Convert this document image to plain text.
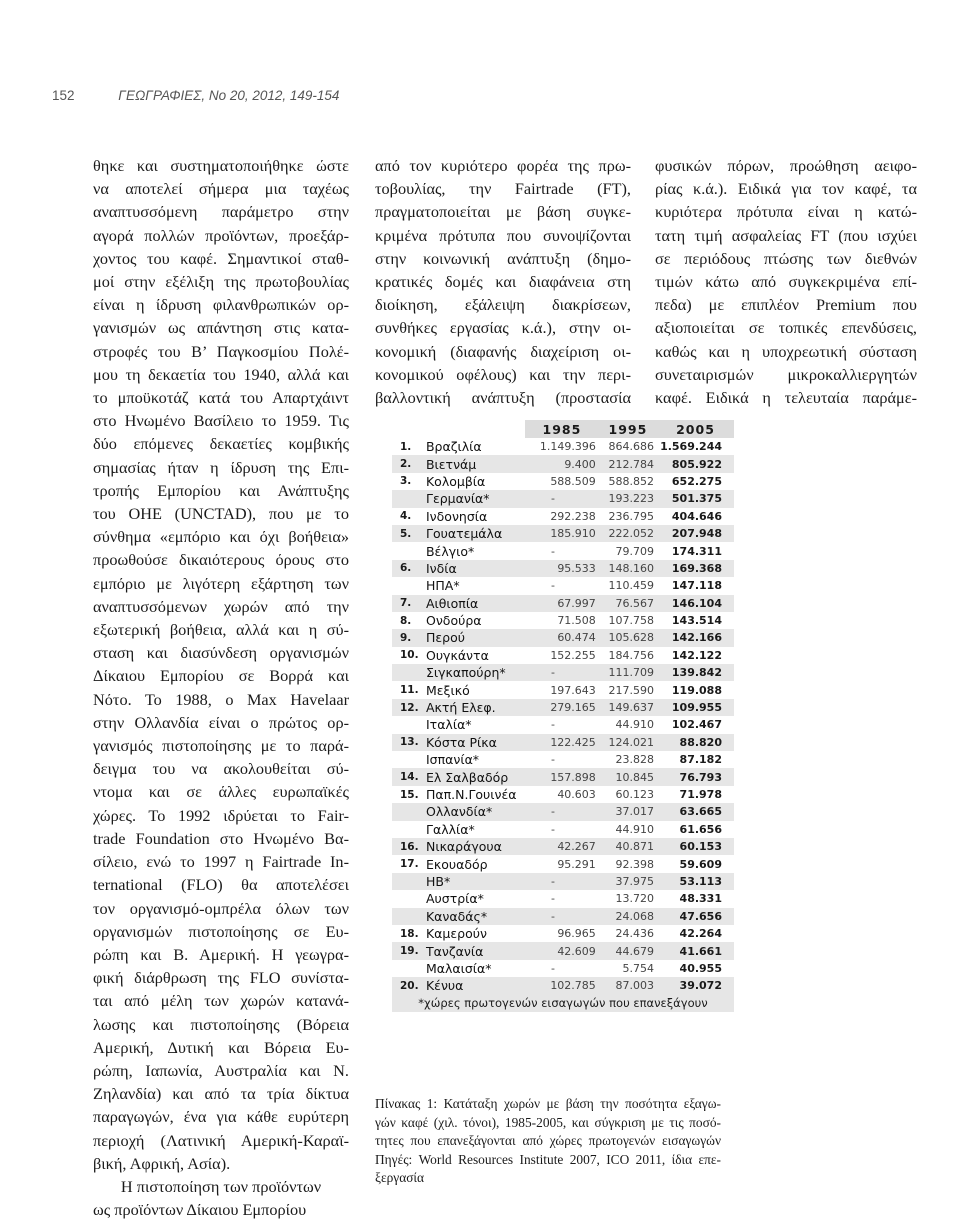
152	ΓΕΩΓΡΑΦΙΕΣ, Νο 20, 2012, 149-154
θηκε και συστηματοποιήθηκε ώστε
να αποτελεί σήμερα μια ταχέως
αναπτυσσόμενη παράμετρο στην
αγορά πολλών προϊόντων, προεξάρ-
χοντος του καφέ. Σημαντικοί σταθ-
μοί στην εξέλιξη της πρωτοβουλίας
είναι η ίδρυση φιλανθρωπικών ορ-
γανισμών ως απάντηση στις κατα-
στροφές του Β’ Παγκοσμίου Πολέ-
μου τη δεκαετία του 1940, αλλά και
το μποϋκοτάζ κατά του Απαρτχάιντ
στο Ηνωμένο Βασίλειο το 1959. Τις
δύο επόμενες δεκαετίες κομβικής
σημασίας ήταν η ίδρυση της Επι-
τροπής Εμπορίου και Ανάπτυξης
του ΟΗΕ (UNCTAD), που με το
σύνθημα «εμπόριο και όχι βοήθεια»
προωθούσε δικαιότερους όρους στο
εμπόριο με λιγότερη εξάρτηση των
αναπτυσσόμενων χωρών από την
εξωτερική βοήθεια, αλλά και η σύ-
σταση και διασύνδεση οργανισμών
Δίκαιου Εμπορίου σε Βορρά και
Νότο. Το 1988, ο Max Havelaar
στην Ολλανδία είναι ο πρώτος ορ-
γανισμός πιστοποίησης με το παρά-
δειγμα του να ακολουθείται σύ-
ντομα και σε άλλες ευρωπαϊκές
χώρες. Το 1992 ιδρύεται το Fair-
trade Foundation στο Ηνωμένο Βα-
σίλειο, ενώ το 1997 η Fairtrade In-
ternational (FLO) θα αποτελέσει
τον οργανισμό-ομπρέλα όλων των
οργανισμών πιστοποίησης σε Ευ-
ρώπη και Β. Αμερική. Η γεωγρα-
φική διάρθρωση της FLO συνίστα-
ται από μέλη των χωρών κατανά-
λωσης και πιστοποίησης (Βόρεια
Αμερική, Δυτική και Βόρεια Ευ-
ρώπη, Ιαπωνία, Αυστραλία και Ν.
Ζηλανδία) και από τα τρία δίκτυα
παραγωγών, ένα για κάθε ευρύτερη
περιοχή (Λατινική Αμερική-Καραϊ-
βική, Αφρική, Ασία).
Η πιστοποίηση των προϊόντων
ως προϊόντων Δίκαιου Εμπορίου
από τον κυριότερο φορέα της πρω-
τοβουλίας, την Fairtrade (FT),
πραγματοποιείται με βάση συγκε-
κριμένα πρότυπα που συνοψίζονται
στην κοινωνική ανάπτυξη (δημο-
κρατικές δομές και διαφάνεια στη
διοίκηση, εξάλειψη διακρίσεων,
συνθήκες εργασίας κ.ά.), στην οι-
κονομική (διαφανής διαχείριση οι-
κονομικού οφέλους) και την περι-
βαλλοντική ανάπτυξη (προστασία
φυσικών πόρων, προώθηση αειφο-
ρίας κ.ά.). Ειδικά για τον καφέ, τα
κυριότερα πρότυπα είναι η κατώ-
τατη τιμή ασφαλείας FT (που ισχύει
σε περιόδους πτώσης των διεθνών
τιμών κάτω από συγκεκριμένα επί-
πεδα) με επιπλέον Premium που
αξιοποιείται σε τοπικές επενδύσεις,
καθώς και η υποχρεωτική σύσταση
συνεταιρισμών μικροκαλλιεργητών
καφέ. Ειδικά η τελευταία παράμε-
		1985	1995	2005
1.	Βραζιλία	1.149.396	864.686	1.569.244
2.	Βιετνάμ	9.400	212.784	805.922
3.	Κολομβία	588.509	588.852	652.275
	Γερμανία*	-	193.223	501.375
4.	Ινδονησία	292.238	236.795	404.646
5.	Γουατεμάλα	185.910	222.052	207.948
	Βέλγιο*	-	79.709	174.311
6.	Ινδία	95.533	148.160	169.368
	ΗΠΑ*	-	110.459	147.118
7.	Αιθιοπία	67.997	76.567	146.104
8.	Ονδούρα	71.508	107.758	143.514
9.	Περού	60.474	105.628	142.166
10.	Ουγκάντα	152.255	184.756	142.122
	Σιγκαπούρη*	-	111.709	139.842
11.	Μεξικό	197.643	217.590	119.088
12.	Ακτή Ελεφ.	279.165	149.637	109.955
	Ιταλία*	-	44.910	102.467
13.	Κόστα Ρίκα	122.425	124.021	88.820
	Ισπανία*	-	23.828	87.182
14.	Ελ Σαλβαδόρ	157.898	10.845	76.793
15.	Παπ.Ν.Γουινέα	40.603	60.123	71.978
	Ολλανδία*	-	37.017	63.665
	Γαλλία*	-	44.910	61.656
16.	Νικαράγουα	42.267	40.871	60.153
17.	Εκουαδόρ	95.291	92.398	59.609
	ΗΒ*	-	37.975	53.113
	Αυστρία*	-	13.720	48.331
	Καναδάς*	-	24.068	47.656
18.	Καμερούν	96.965	24.436	42.264
19.	Τανζανία	42.609	44.679	41.661
	Μαλαισία*	-	5.754	40.955
20.	Κένυα	102.785	87.003	39.072
*χώρες πρωτογενών εισαγωγών που επανεξάγουν				
Πίνακας 1: Κατάταξη χωρών με βάση την ποσότητα εξαγω-
γών καφέ (χιλ. τόνοι), 1985-2005, και σύγκριση με τις ποσό-
τητες που επανεξάγονται από χώρες πρωτογενών εισαγωγών
Πηγές: World Resources Institute 2007, ICO 2011, ίδια επε-
ξεργασία
